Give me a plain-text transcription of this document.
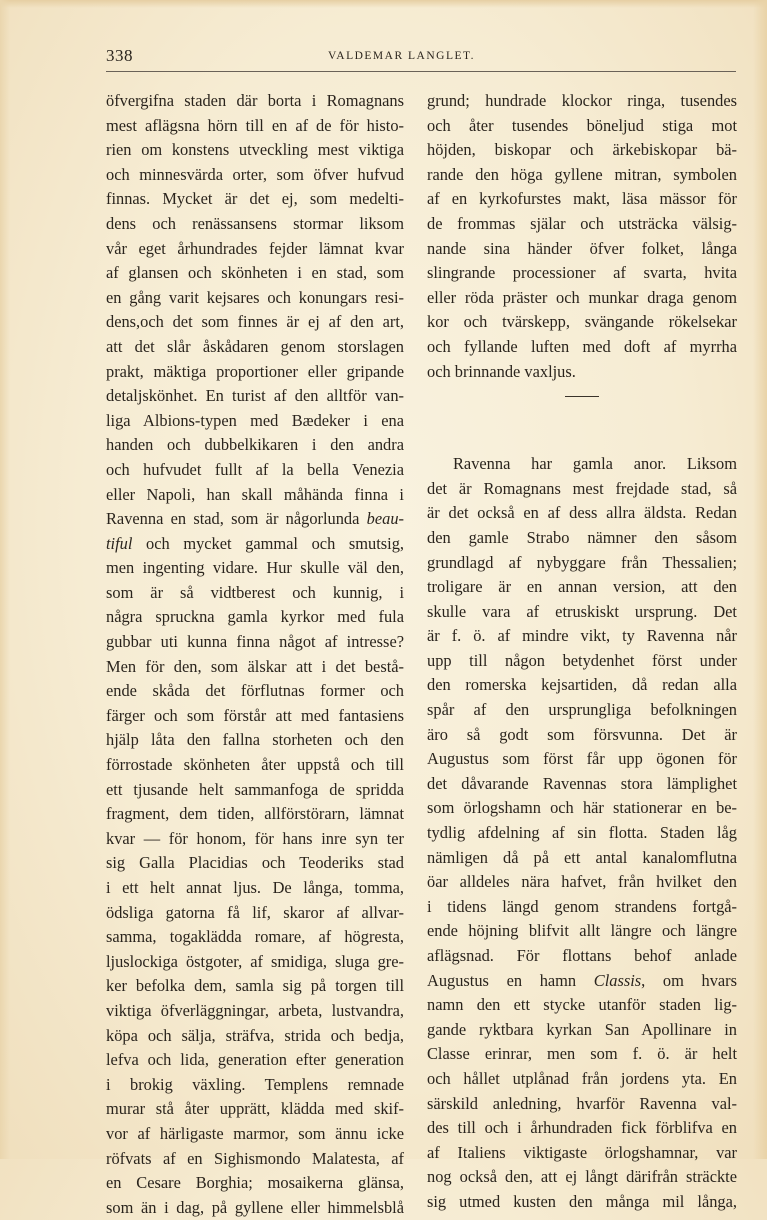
338	VALDEMAR LANGLET.
öfvergifna staden där borta i Romagnans
mest aflägsna hörn till en af de för histo-
rien om konstens utveckling mest viktiga
och minnesvärda orter, som öfver hufvud
finnas. Mycket är det ej, som medelti-
dens och renässansens stormar liksom
vår eget århundrades fejder lämnat kvar
af glansen och skönheten i en stad, som
en gång varit kejsares och konungars resi-
dens,och det som finnes är ej af den art,
att det slår åskådaren genom storslagen
prakt, mäktiga proportioner eller gripande
detaljskönhet. En turist af den alltför van-
liga Albions-typen med Bædeker i ena
handen och dubbelkikaren i den andra
och hufvudet fullt af la bella Venezia
eller Napoli, han skall måhända finna i
Ravenna en stad, som är någorlunda beau-
tiful och mycket gammal och smutsig,
men ingenting vidare. Hur skulle väl den,
som är så vidtberest och kunnig, i
några spruckna gamla kyrkor med fula
gubbar uti kunna finna något af intresse?
Men för den, som älskar att i det bestå-
ende skåda det förflutnas former och
färger och som förstår att med fantasiens
hjälp låta den fallna storheten och den
förrostade skönheten åter uppstå och till
ett tjusande helt sammanfoga de spridda
fragment, dem tiden, allförstörarn, lämnat
kvar — för honom, för hans inre syn ter
sig Galla Placidias och Teoderiks stad
i ett helt annat ljus. De långa, tomma,
ödsliga gatorna få lif, skaror af allvar-
samma, togaklädda romare, af högresta,
ljuslockiga östgoter, af smidiga, sluga gre-
ker befolka dem, samla sig på torgen till
viktiga öfverläggningar, arbeta, lustvandra,
köpa och sälja, sträfva, strida och bedja,
lefva och lida, generation efter generation
i brokig växling. Templens remnade
murar stå åter upprätt, klädda med skif-
vor af härligaste marmor, som ännu icke
röfvats af en Sighismondo Malatesta, af
en Cesare Borghia; mosaikerna glänsa,
som än i dag, på gyllene eller himmelsblå
grund; hundrade klockor ringa, tusendes
och åter tusendes böneljud stiga mot
höjden, biskopar och ärkebiskopar bä-
rande den höga gyllene mitran, symbolen
af en kyrkofurstes makt, läsa mässor för
de frommas själar och utsträcka välsig-
nande sina händer öfver folket, långa
slingrande processioner af svarta, hvita
eller röda präster och munkar draga genom
kor och tvärskepp, svängande rökelsekar
och fyllande luften med doft af myrrha
och brinnande vaxljus.
Ravenna har gamla anor. Liksom
det är Romagnans mest frejdade stad, så
är det också en af dess allra äldsta. Redan
den gamle Strabo nämner den såsom
grundlagd af nybyggare från Thessalien;
troligare är en annan version, att den
skulle vara af etruskiskt ursprung. Det
är f. ö. af mindre vikt, ty Ravenna når
upp till någon betydenhet först under
den romerska kejsartiden, då redan alla
spår af den ursprungliga befolkningen
äro så godt som försvunna. Det är
Augustus som först får upp ögonen för
det dåvarande Ravennas stora lämplighet
som örlogshamn och här stationerar en be-
tydlig afdelning af sin flotta. Staden låg
nämligen då på ett antal kanalomflutna
öar alldeles nära hafvet, från hvilket den
i tidens längd genom strandens fortgå-
ende höjning blifvit allt längre och längre
aflägsnad. För flottans behof anlade
Augustus en hamn Classis, om hvars
namn den ett stycke utanför staden lig-
gande ryktbara kyrkan San Apollinare in
Classe erinrar, men som f. ö. är helt
och hållet utplånad från jordens yta. En
särskild anledning, hvarför Ravenna val-
des till och i århundraden fick förblifva en
af Italiens viktigaste örlogshamnar, var
nog också den, att ej långt därifrån sträckte
sig utmed kusten den många mil långa,
